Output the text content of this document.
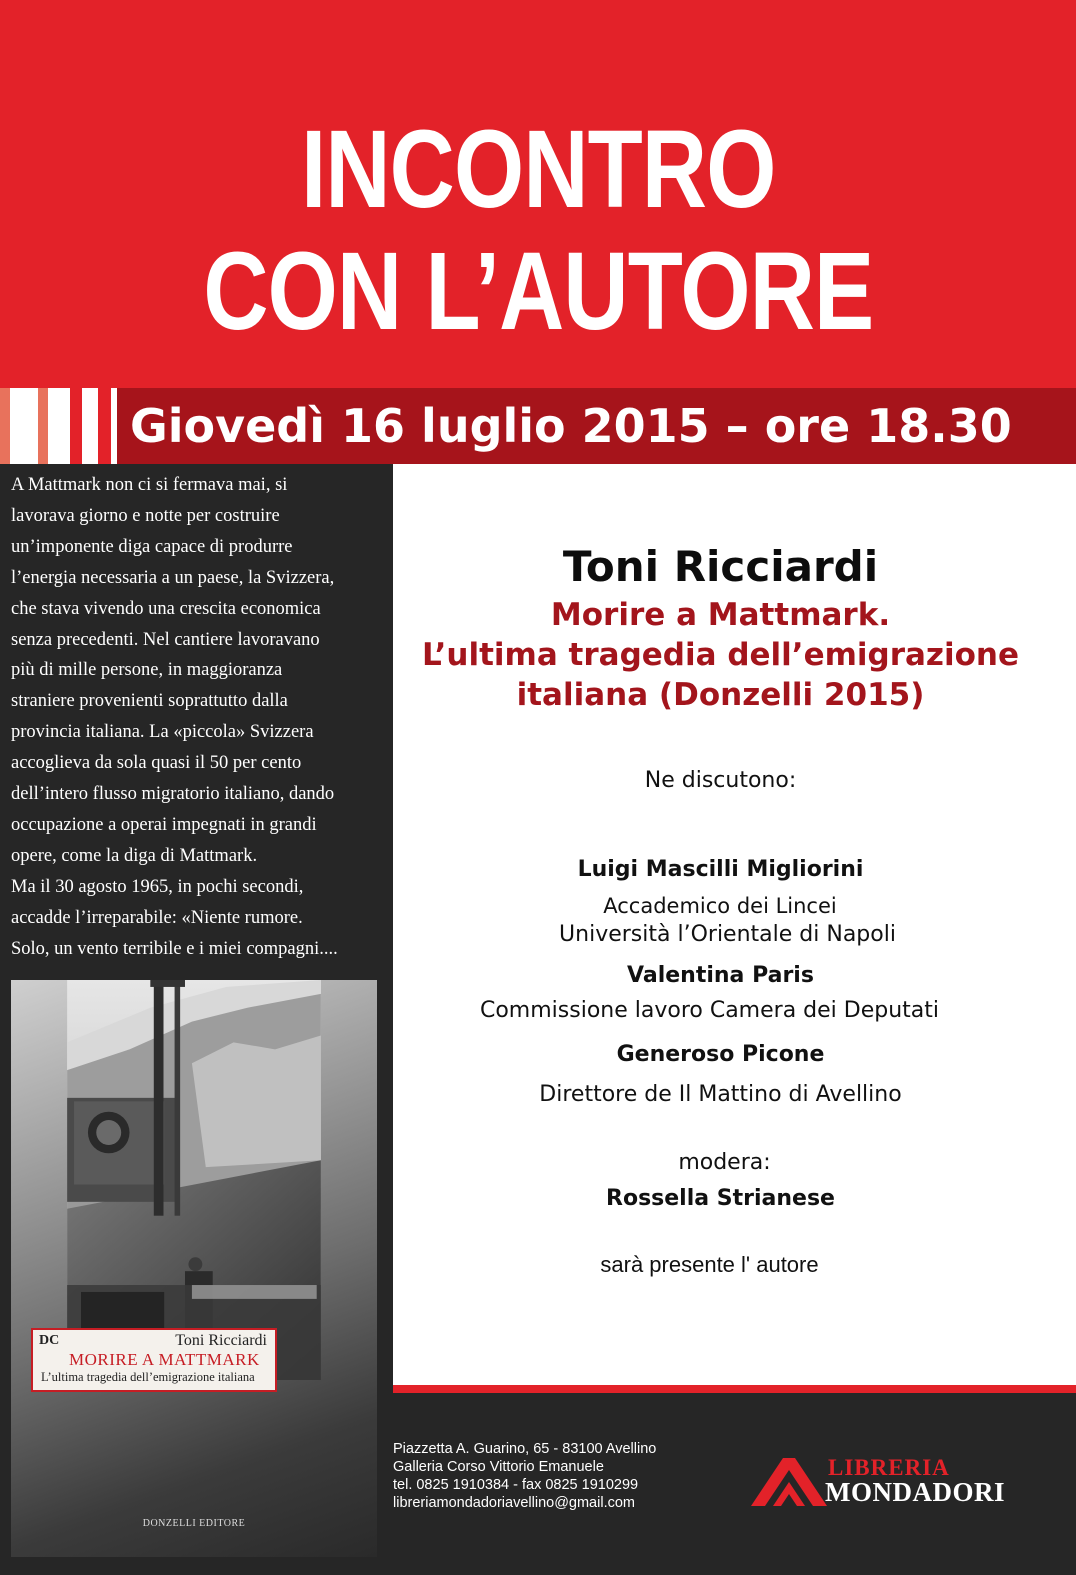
INCONTRO
CON L’AUTORE
Giovedì 16 luglio 2015 – ore 18.30
A Mattmark non ci si fermava mai, si
lavorava giorno e notte per costruire
un’imponente diga capace di produrre
l’energia necessaria a un paese, la Svizzera,
che stava vivendo una crescita economica
senza precedenti. Nel cantiere lavoravano
più di mille persone, in maggioranza
straniere provenienti soprattutto dalla
provincia italiana. La «piccola» Svizzera
accoglieva da sola quasi il 50 per cento
dell’intero flusso migratorio italiano, dando
occupazione a operai impegnati in grandi
opere, come la diga di Mattmark.
Ma il 30 agosto 1965, in pochi secondi,
accadde l’irreparabile: «Niente rumore.
Solo, un vento terribile e i miei compagni....
DC	Toni Ricciardi
MORIRE A MATTMARK
L’ultima tragedia dell’emigrazione italiana
DONZELLI EDITORE
Toni Ricciardi
Morire a Mattmark.
L’ultima tragedia dell’emigrazione
italiana (Donzelli 2015)
Ne discutono:
Luigi Mascilli Migliorini
Accademico dei Lincei
Università l’Orientale di Napoli
Valentina Paris
Commissione lavoro Camera dei Deputati
Generoso Picone
Direttore de Il Mattino di Avellino
modera:
Rossella Strianese
sarà presente l' autore
Piazzetta A. Guarino, 65 - 83100 Avellino
Galleria Corso Vittorio Emanuele
tel. 0825 1910384 - fax 0825 1910299
libreriamondadoriavellino@gmail.com
LIBRERIA
MONDADORI
